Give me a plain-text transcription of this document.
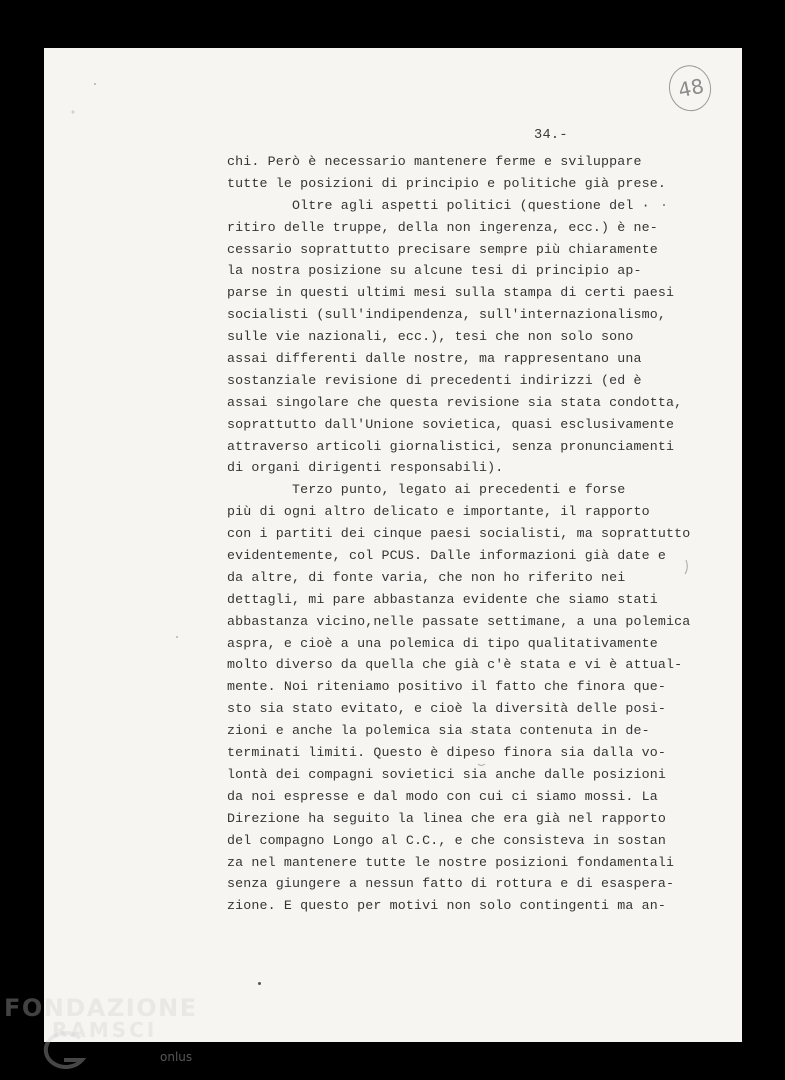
48
34.-
chi. Però è necessario mantenere ferme e sviluppare
tutte le posizioni di principio e politiche già prese.
Oltre agli aspetti politici (questione del ·
ritiro delle truppe, della non ingerenza, ecc.) è ne-
cessario soprattutto precisare sempre più chiaramente
la nostra posizione su alcune tesi di principio ap-
parse in questi ultimi mesi sulla stampa di certi paesi
socialisti (sull'indipendenza, sull'internazionalismo,
sulle vie nazionali, ecc.), tesi che non solo sono
assai differenti dalle nostre, ma rappresentano una
sostanziale revisione di precedenti indirizzi (ed è
assai singolare che questa revisione sia stata condotta,
soprattutto dall'Unione sovietica, quasi esclusivamente
attraverso articoli giornalistici, senza pronunciamenti
di organi dirigenti responsabili).
Terzo punto, legato ai precedenti e forse
più di ogni altro delicato e importante, il rapporto
con i partiti dei cinque paesi socialisti, ma soprattutto
evidentemente, col PCUS. Dalle informazioni già date e
da altre, di fonte varia, che non ho riferito nei
dettagli, mi pare abbastanza evidente che siamo stati
abbastanza vicino,nelle passate settimane, a una polemica
aspra, e cioè a una polemica di tipo qualitativamente
molto diverso da quella che già c'è stata e vi è attual-
mente. Noi riteniamo positivo il fatto che finora que-
sto sia stato evitato, e cioè la diversità delle posi-
zioni e anche la polemica sia stata contenuta in de-
terminati limiti. Questo è dipeso finora sia dalla vo-
lontà dei compagni sovietici sia anche dalle posizioni
da noi espresse e dal modo con cui ci siamo mossi. La
Direzione ha seguito la linea che era già nel rapporto
del compagno Longo al C.C., e che consisteva in sostan
za nel mantenere tutte le nostre posizioni fondamentali
senza giungere a nessun fatto di rottura e di esaspera-
zione. E questo per motivi non solo contingenti ma an-
FONDAZIONE
RAMSCI
onlus
